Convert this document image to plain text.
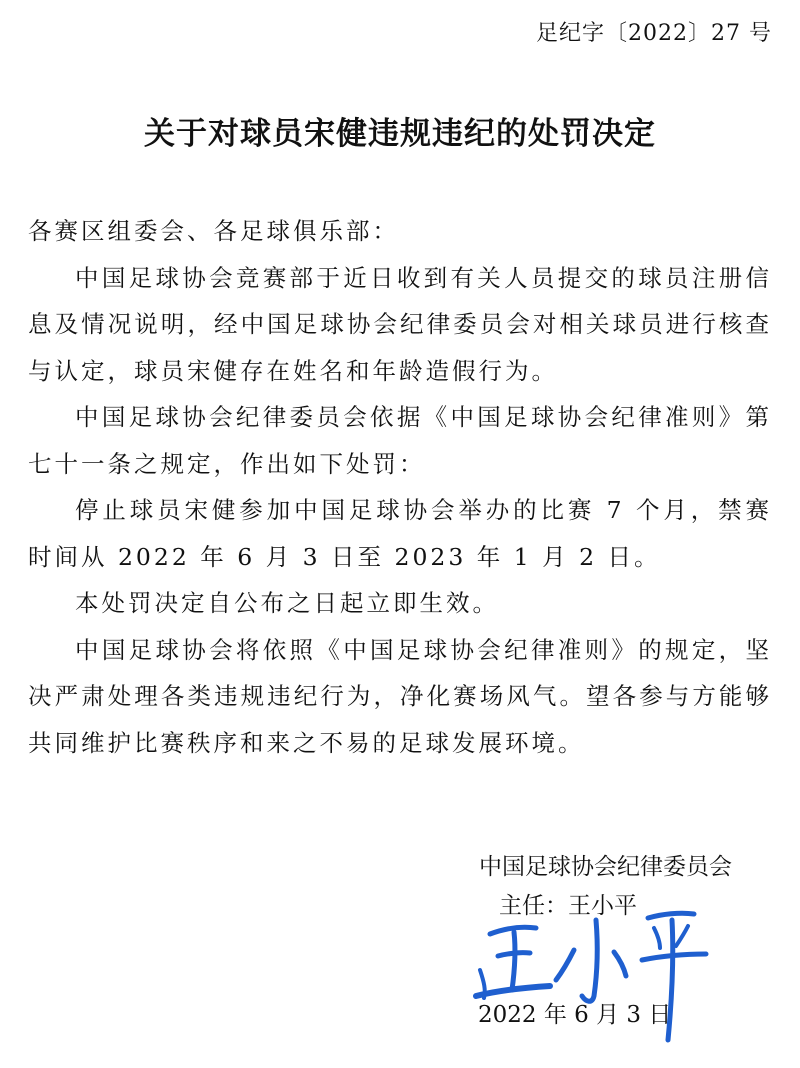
足纪字〔2022〕27 号
关于对球员宋健违规违纪的处罚决定

各赛区组委会、各足球俱乐部：

中国足球协会竞赛部于近日收到有关人员提交的球员注册信息及情况说明，经中国足球协会纪律委员会对相关球员进行核查与认定，球员宋健存在姓名和年龄造假行为。

中国足球协会纪律委员会依据《中国足球协会纪律准则》第七十一条之规定，作出如下处罚：

停止球员宋健参加中国足球协会举办的比赛 7 个月，禁赛时间从 2022 年 6 月 3 日至 2023 年 1 月 2 日。

本处罚决定自公布之日起立即生效。

中国足球协会将依照《中国足球协会纪律准则》的规定，坚决严肃处理各类违规违纪行为，净化赛场风气。望各参与方能够共同维护比赛秩序和来之不易的足球发展环境。

中国足球协会纪律委员会
主任：王小平
2022 年 6 月 3 日
